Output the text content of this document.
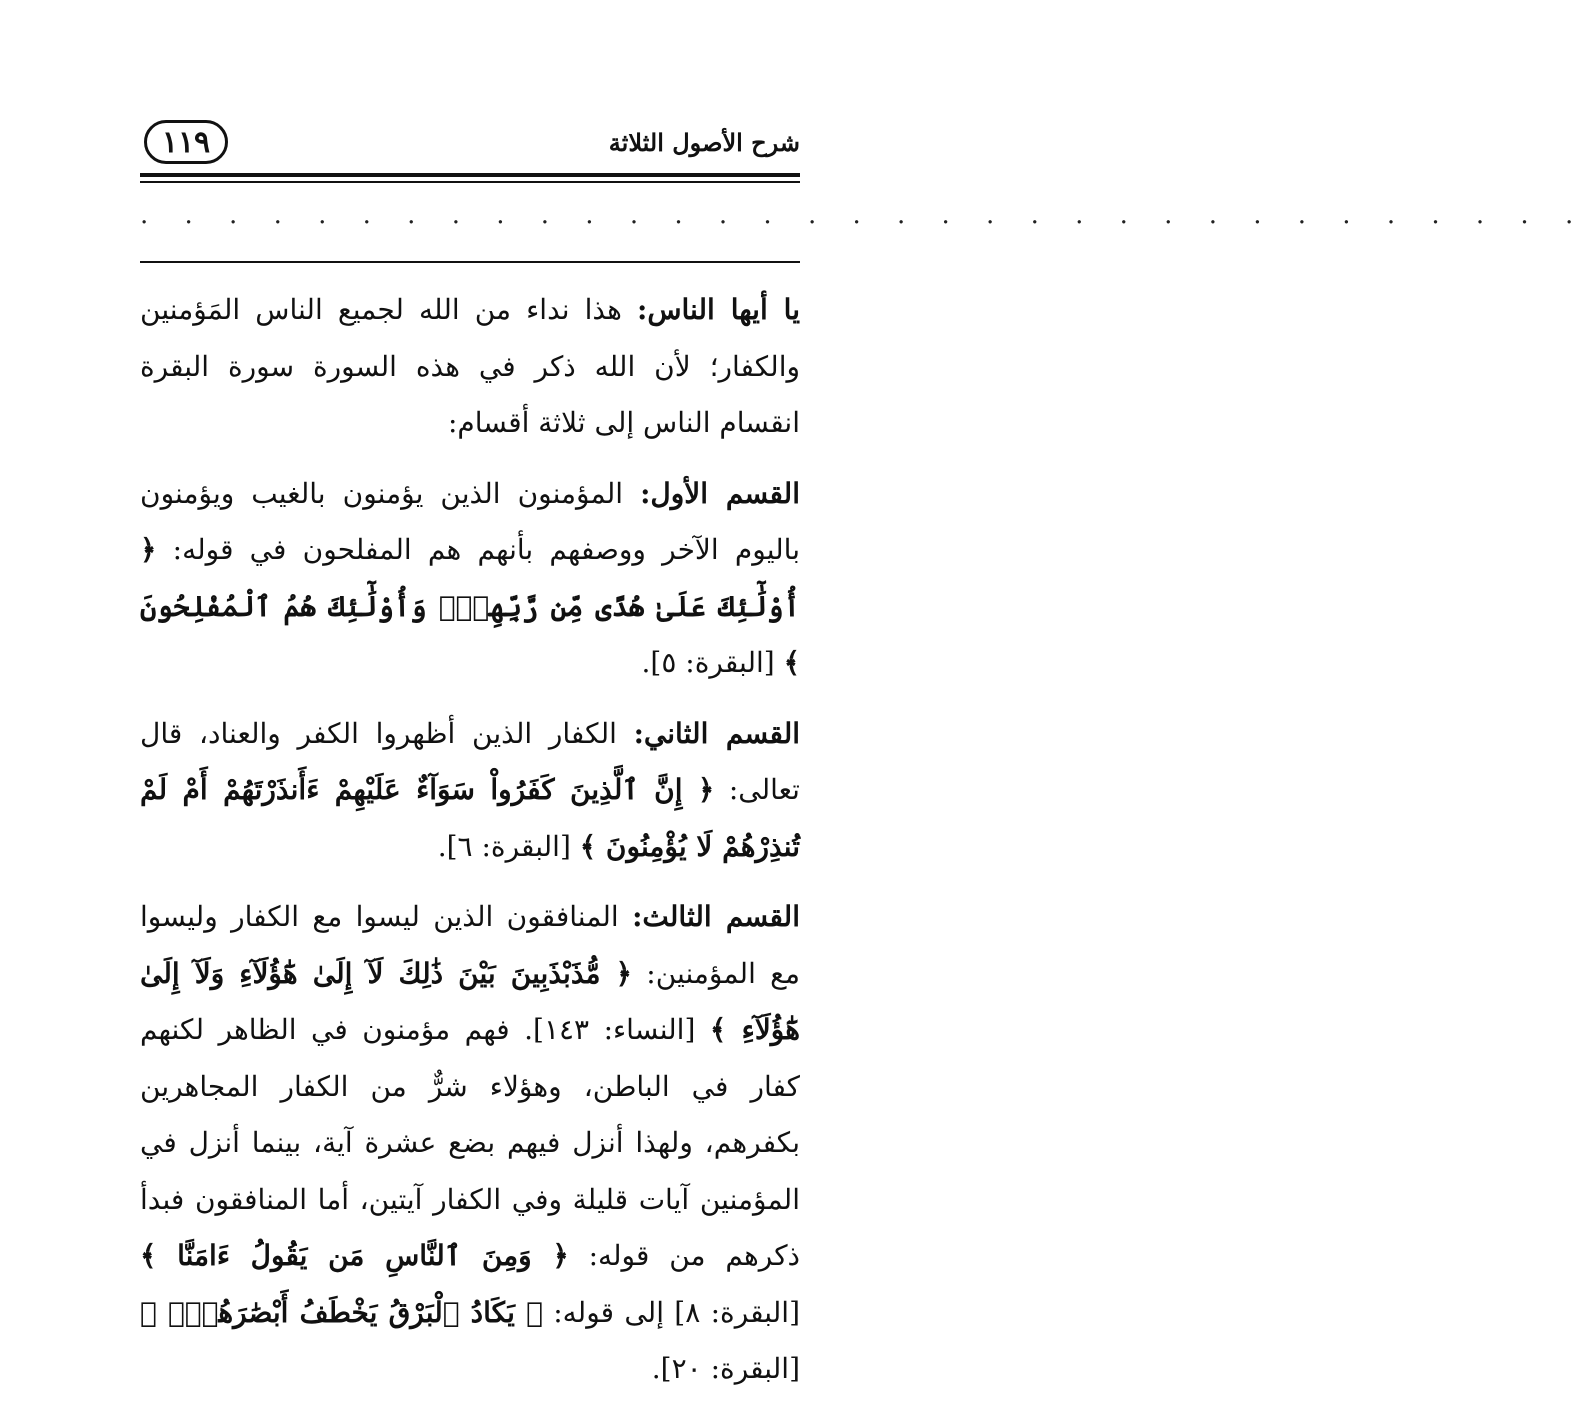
١١٩	شرح الأصول الثلاثة
. . . . . . . . . . . . . . . . . . . . . . . . . . . . . . . . .

يا أيها الناس: هذا نداء من الله لجميع الناس المَؤمنين والكفار؛ لأن الله ذكر في هذه السورة سورة البقرة انقسام الناس إلى ثلاثة أقسام:

القسم الأول: المؤمنون الذين يؤمنون بالغيب ويؤمنون باليوم الآخر ووصفهم بأنهم هم المفلحون في قوله: ﴿ أُوْلَٰٓئِكَ عَلَىٰ هُدًى مِّن رَّبِّهِمْۖ وَأُوْلَٰٓئِكَ هُمُ ٱلْمُفْلِحُونَ ﴾ [البقرة: ٥].

القسم الثاني: الكفار الذين أظهروا الكفر والعناد، قال تعالى: ﴿ إِنَّ ٱلَّذِينَ كَفَرُواْ سَوَآءٌ عَلَيْهِمْ ءَأَنذَرْتَهُمْ أَمْ لَمْ تُنذِرْهُمْ لَا يُؤْمِنُونَ ﴾ [البقرة: ٦].

القسم الثالث: المنافقون الذين ليسوا مع الكفار وليسوا مع المؤمنين: ﴿ مُّذَبْذَبِينَ بَيْنَ ذَٰلِكَ لَآ إِلَىٰ هَٰٓؤُلَآءِ وَلَآ إِلَىٰ هَٰٓؤُلَآءِ ﴾ [النساء: ١٤٣]. فهم مؤمنون في الظاهر لكنهم كفار في الباطن، وهؤلاء شرٌّ من الكفار المجاهرين بكفرهم، ولهذا أنزل فيهم بضع عشرة آية، بينما أنزل في المؤمنين آيات قليلة وفي الكفار آيتين، أما المنافقون فبدأ ذكرهم من قوله: ﴿ وَمِنَ ٱلنَّاسِ مَن يَقُولُ ءَامَنَّا ﴾ [البقرة: ٨] إلى قوله: ﴿ يَكَادُ ٱلْبَرْقُ يَخْطَفُ أَبْصَٰرَهُمْۖ ﴾ [البقرة: ٢٠].
